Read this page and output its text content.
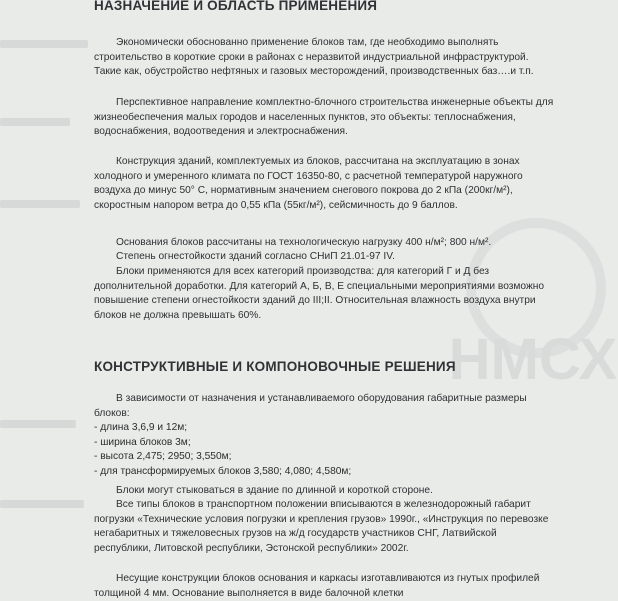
НМСХ
НАЗНАЧЕНИЕ И ОБЛАСТЬ ПРИМЕНЕНИЯ

Экономически обоснованно применение блоков там, где необходимо выполнять строительство в короткие сроки в районах с неразвитой индустриальной инфраструктурой. Такие как, обустройство нефтяных и газовых месторождений, производственных баз….и т.п.

Перспективное направление комплектно-блочного строительства инженерные объекты для жизнеобеспечения малых городов и населенных пунктов, это объекты: теплоснабжения, водоснабжения, водоотведения и электроснабжения.

Конструкция зданий, комплектуемых из блоков, рассчитана на эксплуатацию в зонах холодного и умеренного климата по ГОСТ 16350-80, с расчетной температурой наружного воздуха до минус 50° С, нормативным значением снегового покрова до 2 кПа (200кг/м²), скоростным напором ветра до 0,55 кПа (55кг/м²), сейсмичность до 9 баллов.

Основания блоков рассчитаны на технологическую нагрузку 400 н/м²; 800 н/м².

Степень огнестойкости зданий согласно СНиП 21.01-97 IV.

Блоки применяются для всех категорий производства: для категорий Г и Д без дополнительной доработки. Для категорий А, Б, В, Е специальными мероприятиями возможно повышение степени огнестойкости зданий до III;II. Относительная влажность воздуха внутри блоков не должна превышать 60%.

КОНСТРУКТИВНЫЕ И КОМПОНОВОЧНЫЕ РЕШЕНИЯ

В зависимости от назначения и устанавливаемого оборудования габаритные размеры блоков:

- длина 3,6,9 и 12м;
- ширина блоков 3м;
- высота 2,475; 2950; 3,550м;
- для трансформируемых блоков 3,580; 4,080; 4,580м;

Блоки могут стыковаться в здание по длинной и короткой стороне.

Все типы блоков в транспортном положении вписываются в железнодорожный габарит погрузки «Технические условия погрузки и крепления грузов» 1990г., «Инструкция по перевозке негабаритных и тяжеловесных грузов на ж/д государств участников СНГ, Латвийской республики, Литовской республики, Эстонской республики» 2002г.

Несущие конструкции блоков основания и каркасы изготавливаются из гнутых профилей толщиной 4 мм. Основание выполняется в виде балочной клетки
